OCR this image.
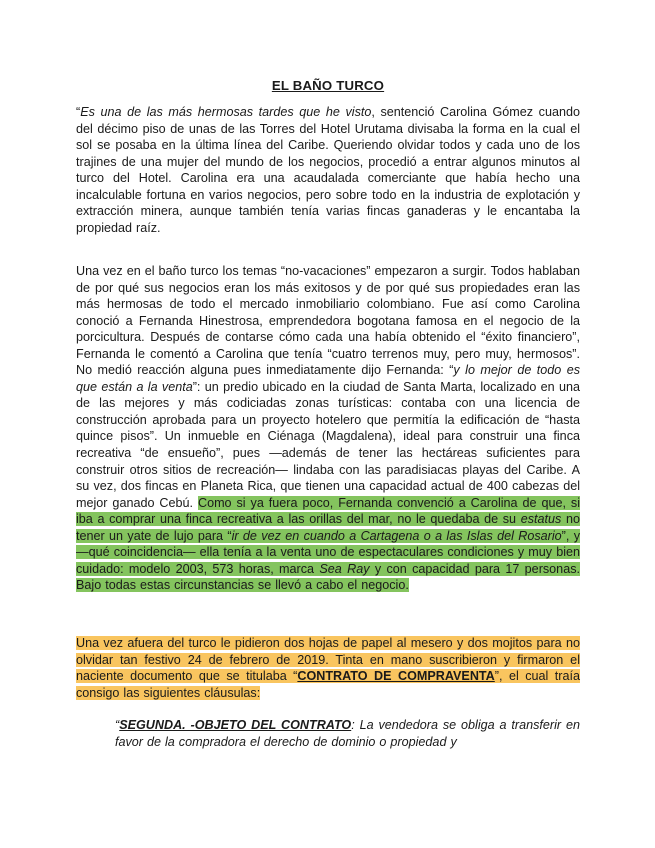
EL BAÑO TURCO
“Es una de las más hermosas tardes que he visto, sentenció Carolina Gómez cuando del décimo piso de unas de las Torres del Hotel Urutama divisaba la forma en la cual el sol se posaba en la última línea del Caribe. Queriendo olvidar todos y cada uno de los trajines de una mujer del mundo de los negocios, procedió a entrar algunos minutos al turco del Hotel. Carolina era una acaudalada comerciante que había hecho una incalculable fortuna en varios negocios, pero sobre todo en la industria de explotación y extracción minera, aunque también tenía varias fincas ganaderas y le encantaba la propiedad raíz.
Una vez en el baño turco los temas “no-vacaciones” empezaron a surgir. Todos hablaban de por qué sus negocios eran los más exitosos y de por qué sus propiedades eran las más hermosas de todo el mercado inmobiliario colombiano. Fue así como Carolina conoció a Fernanda Hinestrosa, emprendedora bogotana famosa en el negocio de la porcicultura. Después de contarse cómo cada una había obtenido el “éxito financiero”, Fernanda le comentó a Carolina que tenía “cuatro terrenos muy, pero muy, hermosos”. No medió reacción alguna pues inmediatamente dijo Fernanda: “y lo mejor de todo es que están a la venta”: un predio ubicado en la ciudad de Santa Marta, localizado en una de las mejores y más codiciadas zonas turísticas: contaba con una licencia de construcción aprobada para un proyecto hotelero que permitía la edificación de “hasta quince pisos”. Un inmueble en Ciénaga (Magdalena), ideal para construir una finca recreativa “de ensueño”, pues —además de tener las hectáreas suficientes para construir otros sitios de recreación— lindaba con las paradisiacas playas del Caribe. A su vez, dos fincas en Planeta Rica, que tienen una capacidad actual de 400 cabezas del mejor ganado Cebú. Como si ya fuera poco, Fernanda convenció a Carolina de que, si iba a comprar una finca recreativa a las orillas del mar, no le quedaba de su estatus no tener un yate de lujo para “ir de vez en cuando a Cartagena o a las Islas del Rosario”, y —qué coincidencia— ella tenía a la venta uno de espectaculares condiciones y muy bien cuidado: modelo 2003, 573 horas, marca Sea Ray y con capacidad para 17 personas. Bajo todas estas circunstancias se llevó a cabo el negocio.
Una vez afuera del turco le pidieron dos hojas de papel al mesero y dos mojitos para no olvidar tan festivo 24 de febrero de 2019. Tinta en mano suscribieron y firmaron el naciente documento que se titulaba “CONTRATO DE COMPRAVENTA”, el cual traía consigo las siguientes cláusulas:
“SEGUNDA. -OBJETO DEL CONTRATO: La vendedora se obliga a transferir en favor de la compradora el derecho de dominio o propiedad y
